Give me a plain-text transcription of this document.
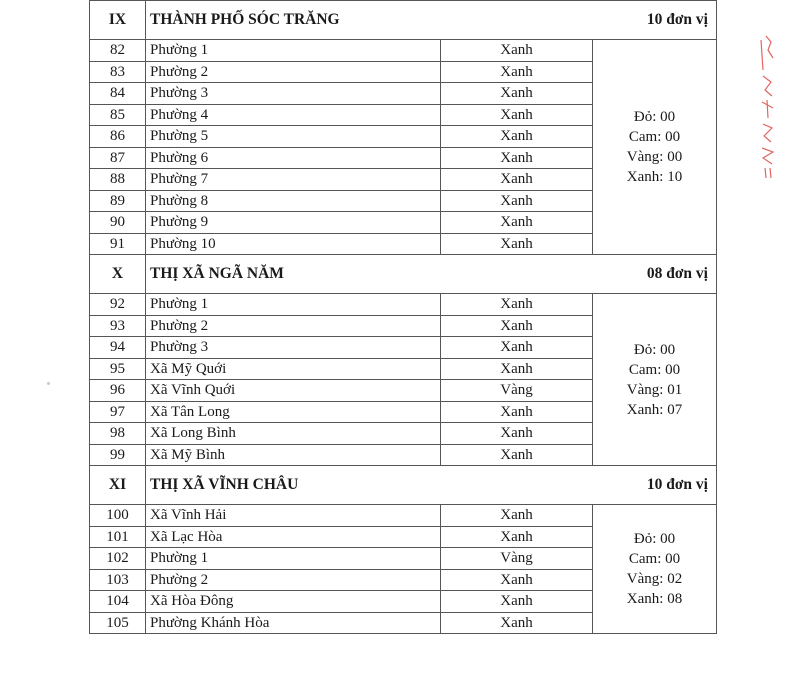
IX	THÀNH PHỐ SÓC TRĂNG		10 đơn vị
82	Phường 1	Xanh	Đỏ: 00
Cam: 00
Vàng: 00
Xanh: 10

83	Phường 2	Xanh	
84	Phường 3	Xanh	
85	Phường 4	Xanh	
86	Phường 5	Xanh	
87	Phường 6	Xanh	
88	Phường 7	Xanh	
89	Phường 8	Xanh	
90	Phường 9	Xanh	
91	Phường 10	Xanh	
X	THỊ XÃ NGÃ NĂM		08 đơn vị
92	Phường 1	Xanh	Đỏ: 00
Cam: 00
Vàng: 01
Xanh: 07

93	Phường 2	Xanh	
94	Phường 3	Xanh	
95	Xã Mỹ Quới	Xanh	
96	Xã Vĩnh Quới	Vàng	
97	Xã Tân Long	Xanh	
98	Xã Long Bình	Xanh	
99	Xã Mỹ Bình	Xanh	
XI	THỊ XÃ VĨNH CHÂU		10 đơn vị
100	Xã Vĩnh Hải	Xanh	Đỏ: 00
Cam: 00
Vàng: 02
Xanh: 08

101	Xã Lạc Hòa	Xanh	
102	Phường 1	Vàng	
103	Phường 2	Xanh	
104	Xã Hòa Đông	Xanh	
105	Phường Khánh Hòa	Xanh	
